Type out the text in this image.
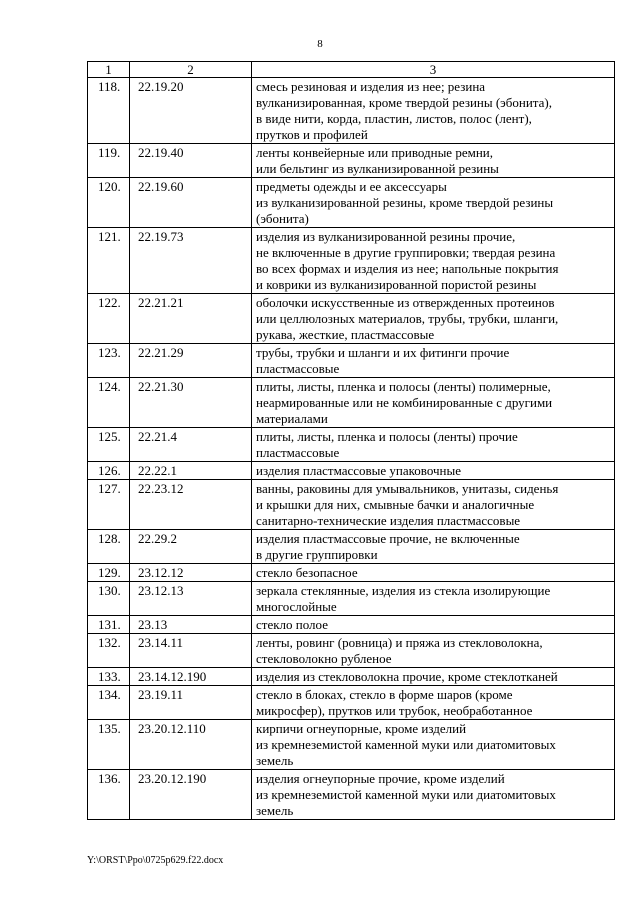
8
1	2	3
118.	22.19.20	смесь резиновая и изделия из нее; резина
вулканизированная, кроме твердой резины (эбонита),
в виде нити, корда, пластин, листов, полос (лент),
прутков и профилей

119.	22.19.40	ленты конвейерные или приводные ремни,
или бельтинг из вулканизированной резины

120.	22.19.60	предметы одежды и ее аксессуары
из вулканизированной резины, кроме твердой резины
(эбонита)

121.	22.19.73	изделия из вулканизированной резины прочие,
не включенные в другие группировки; твердая резина
во всех формах и изделия из нее; напольные покрытия
и коврики из вулканизированной пористой резины

122.	22.21.21	оболочки искусственные из отвержденных протеинов
или целлюлозных материалов, трубы, трубки, шланги,
рукава, жесткие, пластмассовые

123.	22.21.29	трубы, трубки и шланги и их фитинги прочие
пластмассовые

124.	22.21.30	плиты, листы, пленка и полосы (ленты) полимерные,
неармированные или не комбинированные с другими
материалами

125.	22.21.4	плиты, листы, пленка и полосы (ленты) прочие
пластмассовые

126.	22.22.1	изделия пластмассовые упаковочные

127.	22.23.12	ванны, раковины для умывальников, унитазы, сиденья
и крышки для них, смывные бачки и аналогичные
санитарно-технические изделия пластмассовые

128.	22.29.2	изделия пластмассовые прочие, не включенные
в другие группировки

129.	23.12.12	стекло безопасное

130.	23.12.13	зеркала стеклянные, изделия из стекла изолирующие
многослойные

131.	23.13	стекло полое

132.	23.14.11	ленты, ровинг (ровница) и пряжа из стекловолокна,
стекловолокно рубленое

133.	23.14.12.190	изделия из стекловолокна прочие, кроме стеклотканей

134.	23.19.11	стекло в блоках, стекло в форме шаров (кроме
микросфер), прутков или трубок, необработанное

135.	23.20.12.110	кирпичи огнеупорные, кроме изделий
из кремнеземистой каменной муки или диатомитовых
земель

136.	23.20.12.190	изделия огнеупорные прочие, кроме изделий
из кремнеземистой каменной муки или диатомитовых
земель
Y:\ORST\Ppo\0725p629.f22.docx
